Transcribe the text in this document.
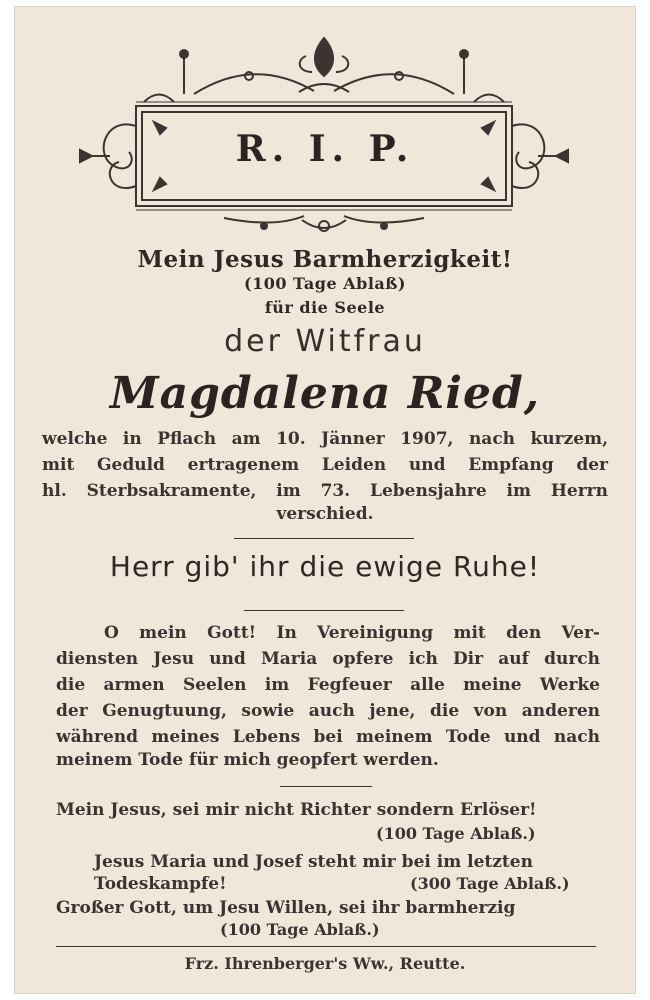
R. I. P.
Mein Jesus Barmherzigkeit!
(100 Tage Ablaß)
für die Seele
der Witfrau
Magdalena Ried,
welche in Pflach am 10. Jänner 1907, nach kurzem,
mit Geduld ertragenem Leiden und Empfang der
hl. Sterbsakramente, im 73. Lebensjahre im Herrn
verschied.
Herr gib' ihr die ewige Ruhe!
O mein Gott! In Vereinigung mit den Ver-
diensten Jesu und Maria opfere ich Dir auf durch
die armen Seelen im Fegfeuer alle meine Werke
der Genugtuung, sowie auch jene, die von anderen
während meines Lebens bei meinem Tode und nach
meinem Tode für mich geopfert werden.
Mein Jesus, sei mir nicht Richter sondern Erlöser!
(100 Tage Ablaß.)
Jesus Maria und Josef steht mir bei im letzten
Todeskampfe!	(300 Tage Ablaß.)
Großer Gott, um Jesu Willen, sei ihr barmherzig
(100 Tage Ablaß.)
Frz. Ihrenberger's Ww., Reutte.
